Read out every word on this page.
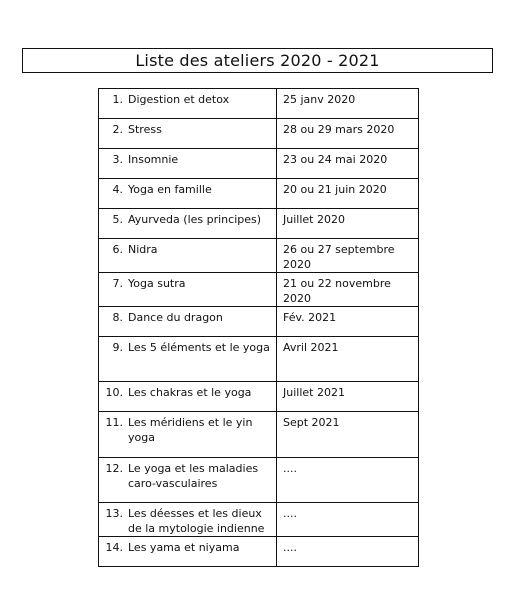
Liste des ateliers 2020 - 2021
1. Digestion et detox	25 janv 2020

2. Stress	28 ou 29 mars 2020

3. Insomnie	23 ou 24 mai 2020

4. Yoga en famille	20 ou 21 juin 2020

5. Ayurveda (les principes)	Juillet 2020

6. Nidra	26 ou 27 septembre 2020

7. Yoga sutra	21 ou 22 novembre 2020

8. Dance du dragon	Fév. 2021

9. Les 5 éléments et le yoga	Avril 2021

10. Les chakras et le yoga	Juillet 2021

11. Les méridiens et le yin yoga	Sept 2021

12. Le yoga et les maladies caro-vasculaires	....

13. Les déesses et les dieux de la mytologie indienne	....

14. Les yama et niyama	....
